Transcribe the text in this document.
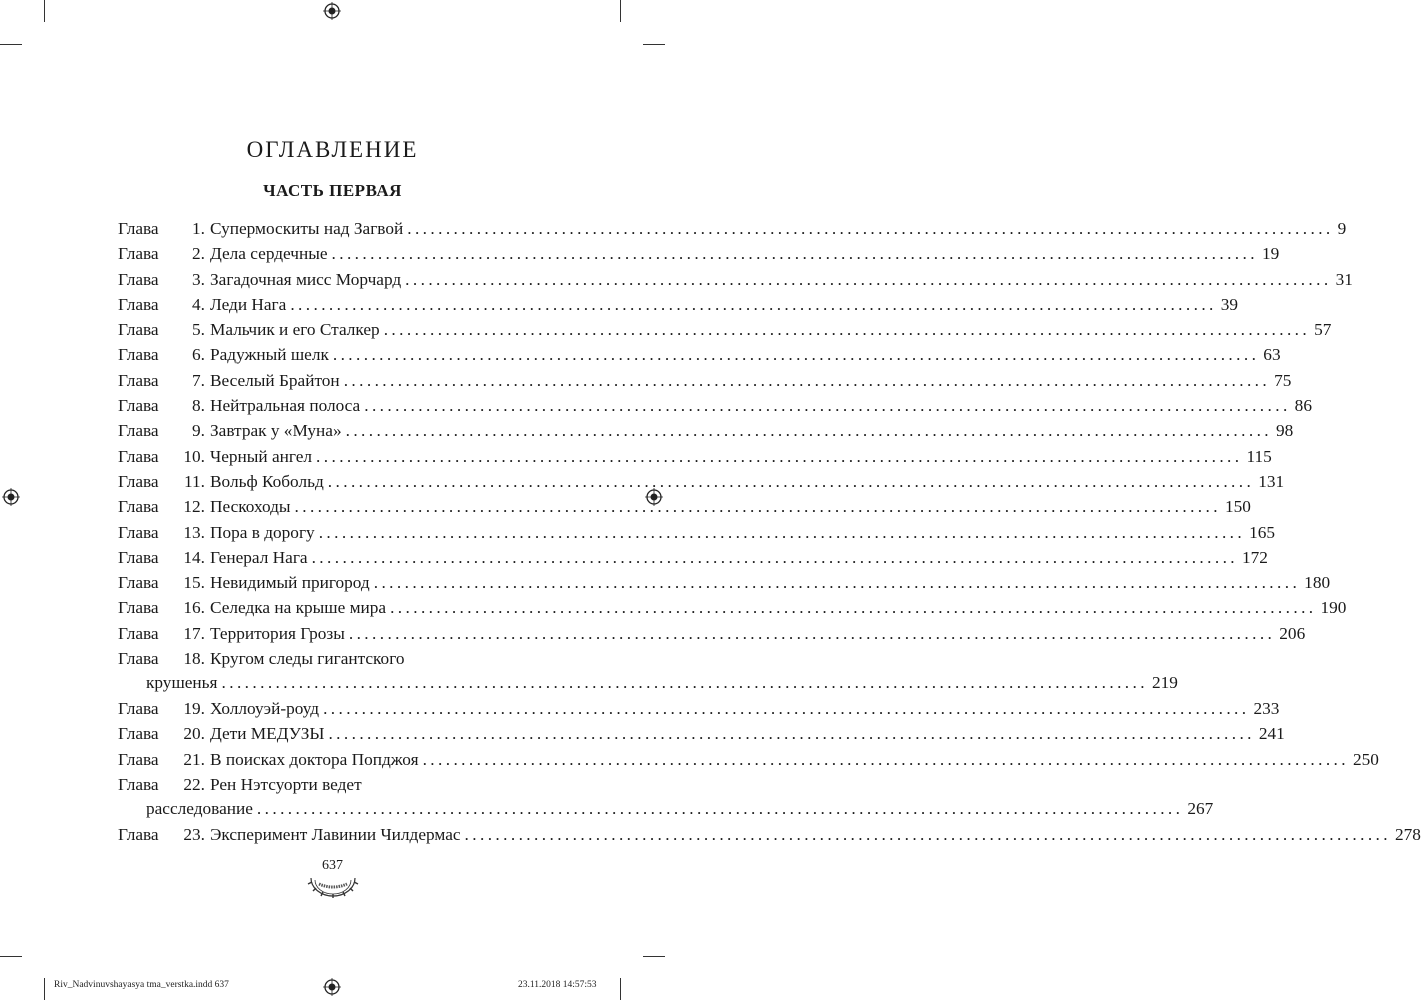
ОГЛАВЛЕНИЕ
ЧАСТЬ ПЕРВАЯ
Глава 1. Супермоскиты над Загвой ........................................................................................................................ 9
Глава 2. Дела сердечные ........................................................................................................................ 19
Глава 3. Загадочная мисс Морчард ........................................................................................................................ 31
Глава 4. Леди Нага ........................................................................................................................ 39
Глава 5. Мальчик и его Сталкер ........................................................................................................................ 57
Глава 6. Радужный шелк ........................................................................................................................ 63
Глава 7. Веселый Брайтон ........................................................................................................................ 75
Глава 8. Нейтральная полоса ........................................................................................................................ 86
Глава 9. Завтрак у «Муна» ........................................................................................................................ 98
Глава 10. Черный ангел ........................................................................................................................ 115
Глава 11. Вольф Кобольд ........................................................................................................................ 131
Глава 12. Пескоходы ........................................................................................................................ 150
Глава 13. Пора в дорогу ........................................................................................................................ 165
Глава 14. Генерал Нага ........................................................................................................................ 172
Глава 15. Невидимый пригород ........................................................................................................................ 180
Глава 16. Селедка на крыше мира ........................................................................................................................ 190
Глава 17. Территория Грозы ........................................................................................................................ 206
Глава 18. Кругом следы гигантского
крушенья ........................................................................................................................ 219
Глава 19. Холлоуэй-роуд ........................................................................................................................ 233
Глава 20. Дети МЕДУЗЫ ........................................................................................................................ 241
Глава 21. В поисках доктора Попджоя ........................................................................................................................ 250
Глава 22. Рен Нэтсуорти ведет
расследование ........................................................................................................................ 267
Глава 23. Эксперимент Лавинии Чилдермас ........................................................................................................................ 278
637
Riv_Nadvinuvshayasya tma_verstka.indd 637	23.11.2018 14:57:53
